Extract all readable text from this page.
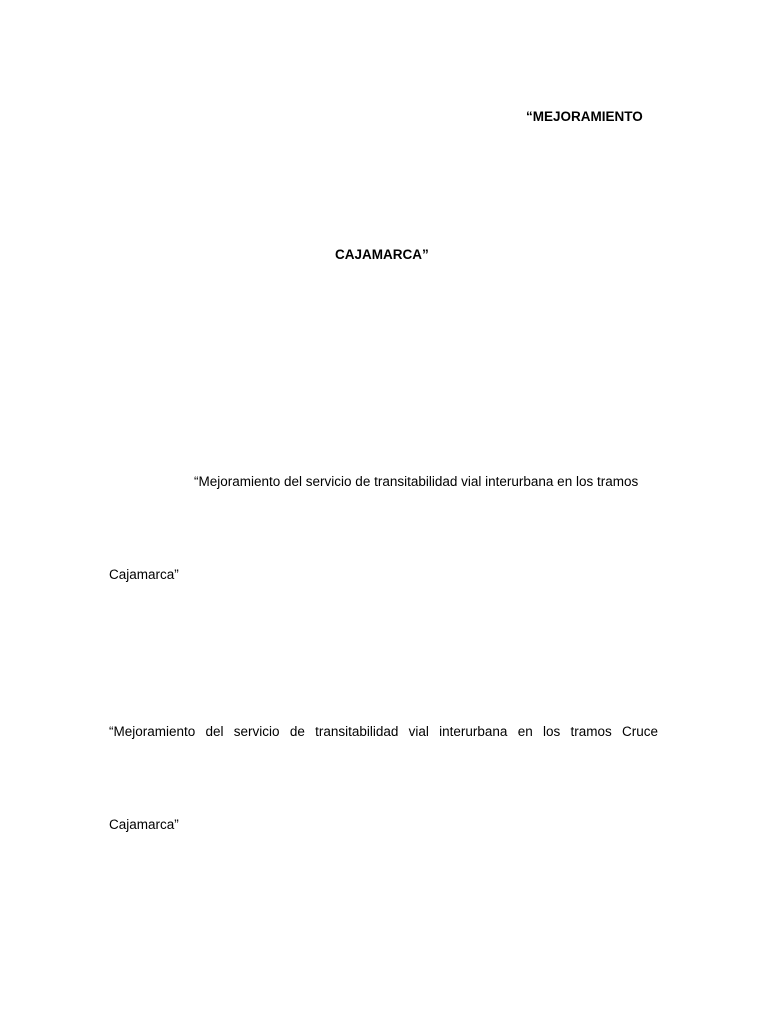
“MEJORAMIENTO
CAJAMARCA”
“Mejoramiento del servicio de transitabilidad vial interurbana en los tramos
Cajamarca”
“Mejoramiento del servicio de transitabilidad vial interurbana en los tramos Cruce
Cajamarca”
